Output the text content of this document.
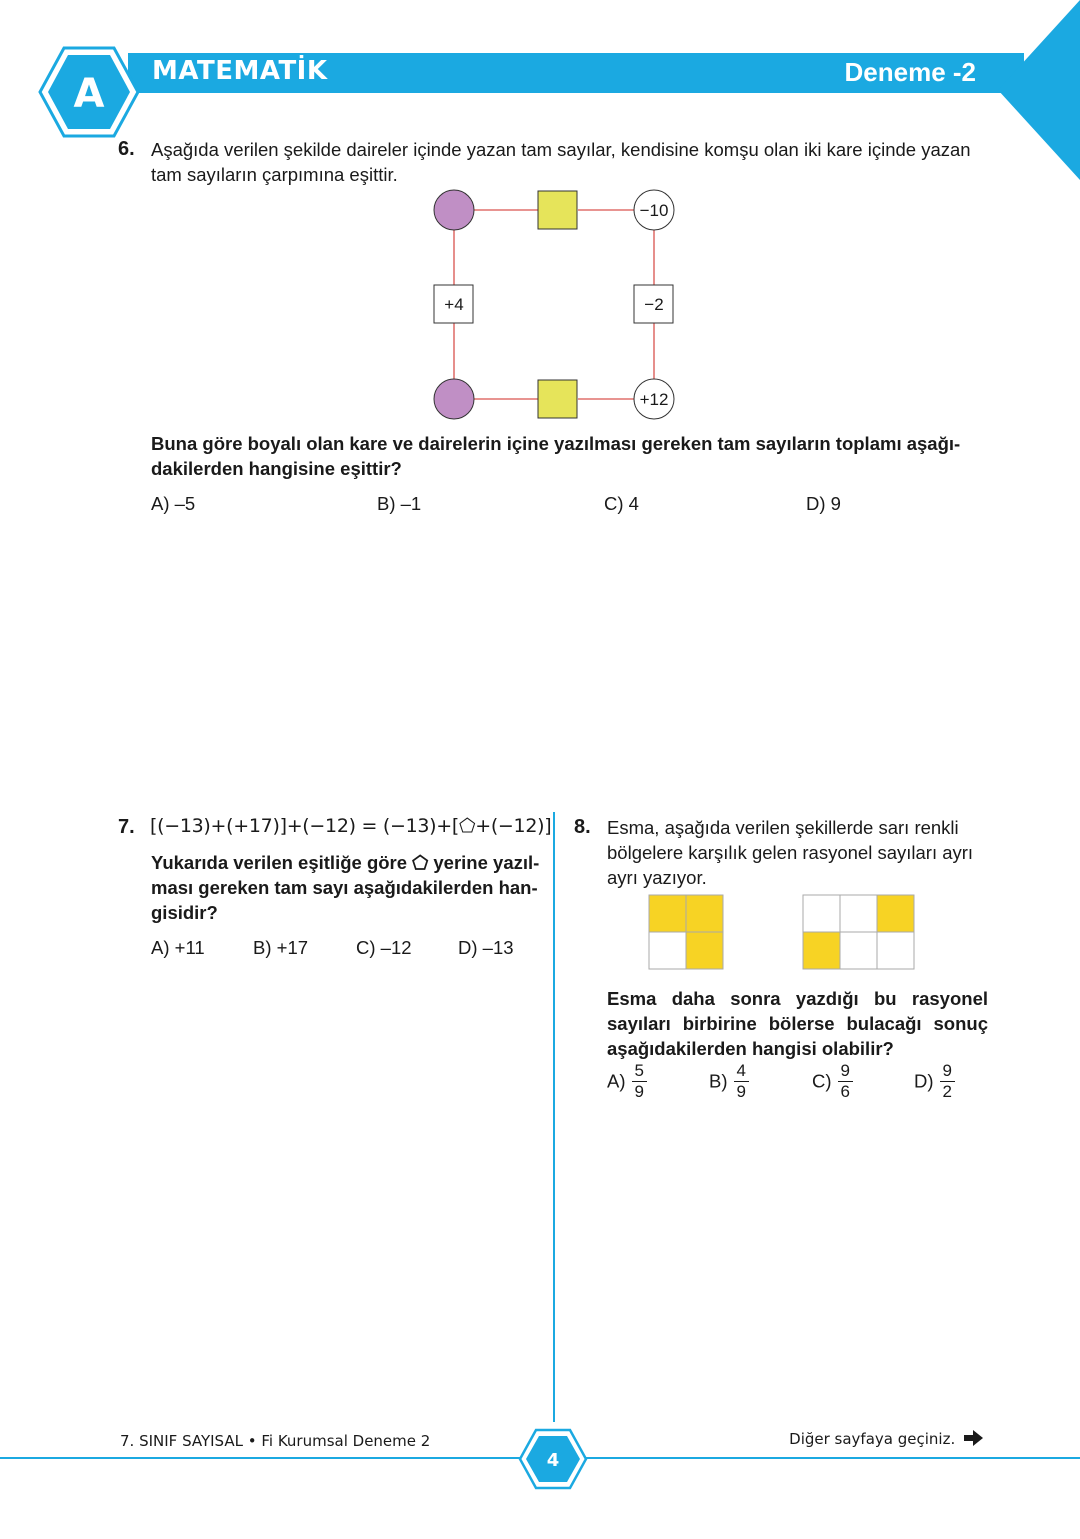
A MATEMATİK	Deneme -2
6. Aşağıda verilen şekilde daireler içinde yazan tam sayılar, kendisine komşu olan iki kare içinde yazan
tam sayıların çarpımına eşittir.
−10
+4	−2
+12
Buna göre boyalı olan kare ve dairelerin içine yazılması gereken tam sayıların toplamı aşağı-
dakilerden hangisine eşittir?
A) –5	B) –1	C) 4	D) 9
7. [(−13)+(+17)]+(−12) = (−13)+[⬠+(−12)]
Yukarıda verilen eşitliğe göre ⬠ yerine yazıl-
ması gereken tam sayı aşağıdakilerden han-
gisidir?
A) +11	B) +17	C) –12	D) –13
8. Esma, aşağıda verilen şekillerde sarı renkli
bölgelere karşılık gelen rasyonel sayıları ayrı
ayrı yazıyor.
Esma daha sonra yazdığı bu rasyonel
sayıları birbirine bölerse bulacağı sonuç
aşağıdakilerden hangisi olabilir?
$A) \frac{5}{9}$	$B) \frac{4}{9}$	$C) \frac{9}{6}$	$D) \frac{9}{2}$
7. SINIF SAYISAL • Fi Kurumsal Deneme 2
4
Diğer sayfaya geçiniz.
